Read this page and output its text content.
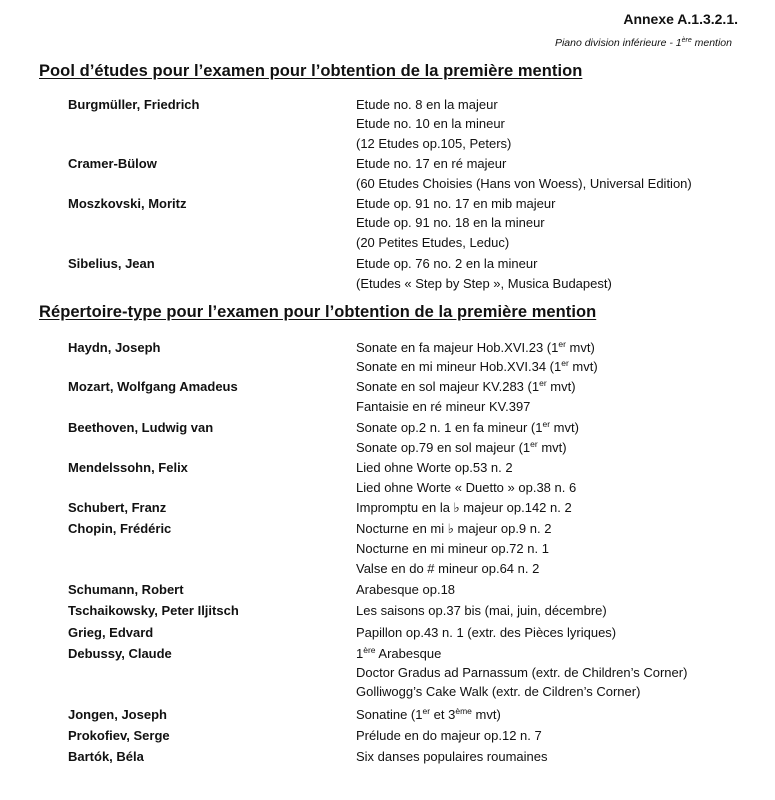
Annexe A.1.3.2.1.
Piano division inférieure - 1ère mention
Pool d’études pour l’examen pour l’obtention de la première mention
Burgmüller, Friedrich	Etude no. 8 en la majeur
Etude no. 10 en la mineur
(12 Etudes op.105, Peters)
Cramer-Bülow	Etude no. 17 en ré majeur
(60 Etudes Choisies (Hans von Woess), Universal Edition)
Moszkovski, Moritz	Etude op. 91 no. 17 en mib majeur
Etude op. 91 no. 18 en la mineur
(20 Petites Etudes, Leduc)
Sibelius, Jean	Etude op. 76 no. 2 en la mineur
(Etudes « Step by Step », Musica Budapest)
Répertoire-type pour l’examen pour l’obtention de la première mention
Haydn, Joseph	Sonate en fa majeur Hob.XVI.23 (1er mvt)
Sonate en mi mineur Hob.XVI.34 (1er mvt)
Mozart, Wolfgang Amadeus	Sonate en sol majeur KV.283 (1er mvt)
Fantaisie en ré mineur KV.397
Beethoven, Ludwig van	Sonate op.2 n. 1 en fa mineur (1er mvt)
Sonate op.79 en sol majeur (1er mvt)
Mendelssohn, Felix	Lied ohne Worte op.53 n. 2
Lied ohne Worte « Duetto » op.38 n. 6
Schubert, Franz	Impromptu en la ♭ majeur op.142 n. 2
Chopin, Frédéric	Nocturne en mi ♭ majeur op.9 n. 2
Nocturne en mi mineur op.72 n. 1
Valse en do # mineur op.64 n. 2
Schumann, Robert	Arabesque op.18
Tschaikowsky, Peter Iljitsch	Les saisons op.37 bis (mai, juin, décembre)
Grieg, Edvard	Papillon op.43 n. 1 (extr. des Pièces lyriques)
Debussy, Claude	1ère Arabesque
Doctor Gradus ad Parnassum (extr. de Children’s Corner)
Golliwogg’s Cake Walk (extr. de Cildren’s Corner)
Jongen, Joseph	Sonatine (1er et 3ème mvt)
Prokofiev, Serge	Prélude en do majeur op.12 n. 7
Bartók, Béla	Six danses populaires roumaines
